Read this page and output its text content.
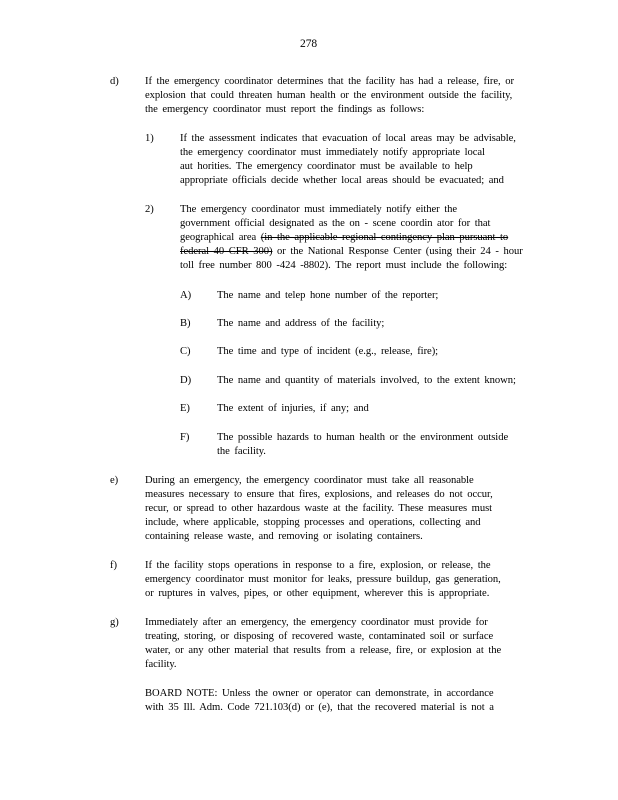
278
d) If the emergency coordinator determines that the facility has had a release, fire, or
explosion that could threaten human health or the environment outside the facility,
the emergency coordinator must report the findings as follows:
1) If the assessment indicates that evacuation of local areas may be advisable,
the emergency coordinator must immediately notify appropriate local
aut horities. The emergency coordinator must be available to help
appropriate officials decide whether local areas should be evacuated; and
2) The emergency coordinator must immediately notify either the
government official designated as the on - scene coordin ator for that
geographical area (in the applicable regional contingency plan pursuant to
federal 40 CFR 300) or the National Response Center (using their 24 - hour
toll free number 800 -424 -8802). The report must include the following:
A) The name and telep hone number of the reporter;
B)	The name and address of the facility;
C)	The time and type of incident (e.g., release, fire);
D) The name and quantity of materials involved, to the extent known;
E)	The extent of injuries, if any; and
F)	The possible hazards to human health or the environment outside
the facility.
e)	During an emergency, the emergency coordinator must take all reasonable
measures necessary to ensure that fires, explosions, and releases do not occur,
recur, or spread to other hazardous waste at the facility. These measures must
include, where applicable, stopping processes and operations, collecting and
containing release waste, and removing or isolating containers.
f)	If the facility stops operations in response to a fire, explosion, or release, the
emergency coordinator must monitor for leaks, pressure buildup, gas generation,
or ruptures in valves, pipes, or other equipment, wherever this is appropriate.
g) Immediately after an emergency, the emergency coordinator must provide for
treating, storing, or disposing of recovered waste, contaminated soil or surface
water, or any other material that results from a release, fire, or explosion at the
facility.
BOARD NOTE: Unless the owner or operator can demonstrate, in accordance
with 35 Ill. Adm. Code 721.103(d) or (e), that the recovered material is not a
